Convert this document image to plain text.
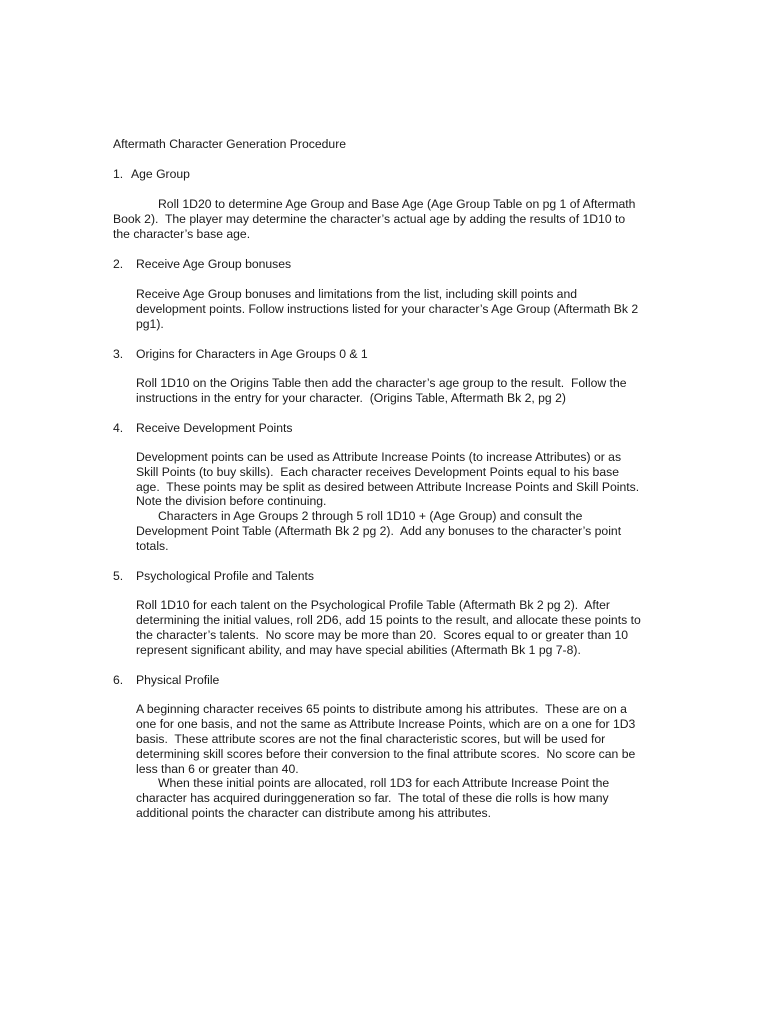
Aftermath Character Generation Procedure

1. Age Group

Roll 1D20 to determine Age Group and Base Age (Age Group Table on pg 1 of Aftermath

Book 2).  The player may determine the character’s actual age by adding the results of 1D10 to

the character’s base age.

2. Receive Age Group bonuses

Receive Age Group bonuses and limitations from the list, including skill points and

development points. Follow instructions listed for your character’s Age Group (Aftermath Bk 2

pg1).

3. Origins for Characters in Age Groups 0 & 1

Roll 1D10 on the Origins Table then add the character’s age group to the result.  Follow the

instructions in the entry for your character.  (Origins Table, Aftermath Bk 2, pg 2)

4. Receive Development Points

Development points can be used as Attribute Increase Points (to increase Attributes) or as

Skill Points (to buy skills).  Each character receives Development Points equal to his base

age.  These points may be split as desired between Attribute Increase Points and Skill Points.

Note the division before continuing.

Characters in Age Groups 2 through 5 roll 1D10 + (Age Group) and consult the

Development Point Table (Aftermath Bk 2 pg 2).  Add any bonuses to the character’s point

totals.

5. Psychological Profile and Talents

Roll 1D10 for each talent on the Psychological Profile Table (Aftermath Bk 2 pg 2).  After

determining the initial values, roll 2D6, add 15 points to the result, and allocate these points to

the character’s talents.  No score may be more than 20.  Scores equal to or greater than 10

represent significant ability, and may have special abilities (Aftermath Bk 1 pg 7-8).

6. Physical Profile

A beginning character receives 65 points to distribute among his attributes.  These are on a

one for one basis, and not the same as Attribute Increase Points, which are on a one for 1D3

basis.  These attribute scores are not the final characteristic scores, but will be used for

determining skill scores before their conversion to the final attribute scores.  No score can be

less than 6 or greater than 40.

When these initial points are allocated, roll 1D3 for each Attribute Increase Point the

character has acquired duringgeneration so far.  The total of these die rolls is how many

additional points the character can distribute among his attributes.
